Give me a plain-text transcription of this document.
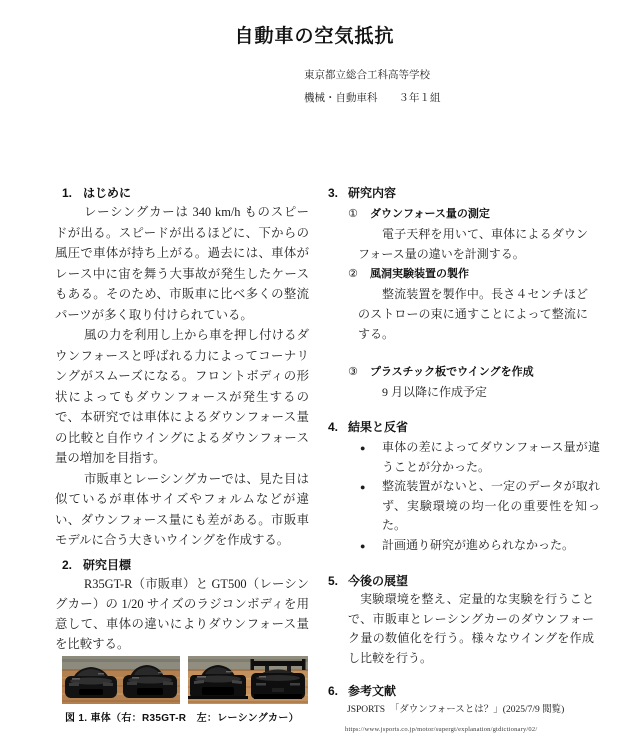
自動車の空気抵抗
東京都立総合工科高等学校
機械・自動車科　　３年１組
1. はじめに

レーシングカーは 340 km/h ものスピードが出る。スピードが出るほどに、下からの風圧で車体が持ち上がる。過去には、車体がレース中に宙を舞う大事故が発生したケースもある。そのため、市販車に比べ多くの整流パーツが多く取り付けられている。

風の力を利用し上から車を押し付けるダウンフォースと呼ばれる力によってコーナリングがスムーズになる。フロントボディの形状によってもダウンフォースが発生するので、本研究では車体によるダウンフォース量の比較と自作ウイングによるダウンフォース量の増加を目指す。

市販車とレーシングカーでは、見た目は似ているが車体サイズやフォルムなどが違い、ダウンフォース量にも差がある。市販車モデルに合う大きいウイングを作成する。

2. 研究目標

R35GT-R（市販車）と GT500（レーシングカー）の 1/20 サイズのラジコンボディを用意して、車体の違いによりダウンフォース量を比較する。

図 1. 車体（右：R35GT-R　左：レーシングカー）
3. 研究内容
① ダウンフォース量の測定

電子天秤を用いて、車体によるダウンフォース量の違いを計測する。

② 風洞実験装置の製作

整流装置を製作中。長さ４センチほどのストローの束に通すことによって整流にする。

③ プラスチック板でウイングを作成

9 月以降に作成予定

4. 結果と反省
●	車体の差によってダウンフォース量が違うことが分かった。
●	整流装置がないと、一定のデータが取れず、実験環境の均一化の重要性を知った。
●	計画通り研究が進められなかった。
5. 今後の展望

実験環境を整え、定量的な実験を行うことで、市販車とレーシングカーのダウンフォーク量の数値化を行う。様々なウイングを作成し比較を行う。

6. 参考文献
JSPORTS　「ダウンフォースとは？」(2025/7/9 閲覧)
https://www.jsports.co.jp/motor/supergt/explanation/gtdictionary/02/
